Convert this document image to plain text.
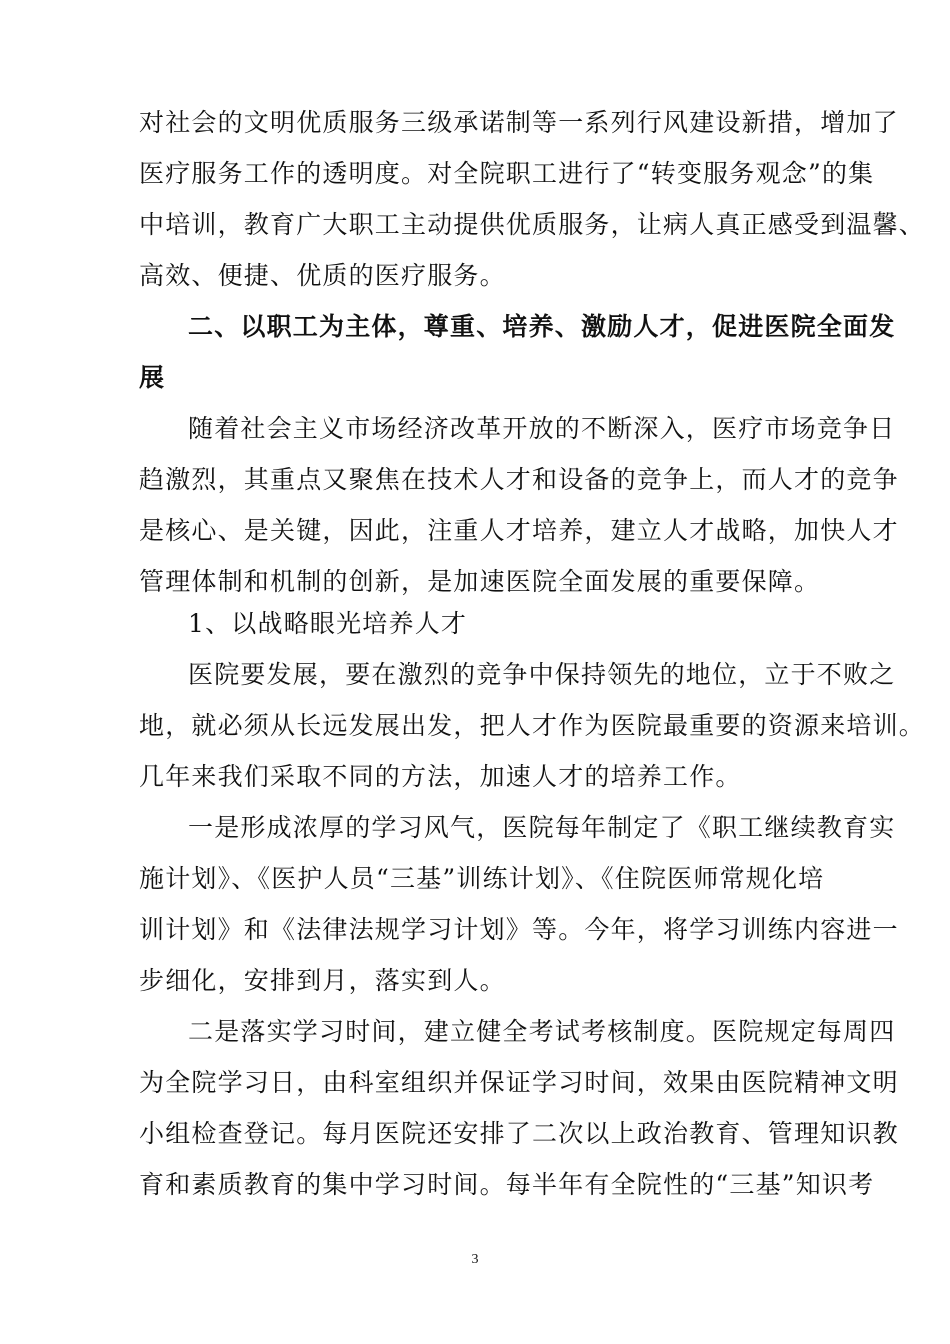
对社会的文明优质服务三级承诺制等一系列行风建设新措，增加了
医疗服务工作的透明度。对全院职工进行了“转变服务观念”的集
中培训，教育广大职工主动提供优质服务，让病人真正感受到温馨、
高效、便捷、优质的医疗服务。
二、以职工为主体，尊重、培养、激励人才，促进医院全面发
展
随着社会主义市场经济改革开放的不断深入，医疗市场竞争日
趋激烈，其重点又聚焦在技术人才和设备的竞争上，而人才的竞争
是核心、是关键，因此，注重人才培养，建立人才战略，加快人才
管理体制和机制的创新，是加速医院全面发展的重要保障。
1、以战略眼光培养人才
医院要发展，要在激烈的竞争中保持领先的地位，立于不败之
地，就必须从长远发展出发，把人才作为医院最重要的资源来培训。
几年来我们采取不同的方法，加速人才的培养工作。
一是形成浓厚的学习风气，医院每年制定了《职工继续教育实
施计划》、《医护人员“三基”训练计划》、《住院医师常规化培
训计划》和《法律法规学习计划》等。今年，将学习训练内容进一
步细化，安排到月，落实到人。
二是落实学习时间，建立健全考试考核制度。医院规定每周四
为全院学习日，由科室组织并保证学习时间，效果由医院精神文明
小组检查登记。每月医院还安排了二次以上政治教育、管理知识教
育和素质教育的集中学习时间。每半年有全院性的“三基”知识考
3
